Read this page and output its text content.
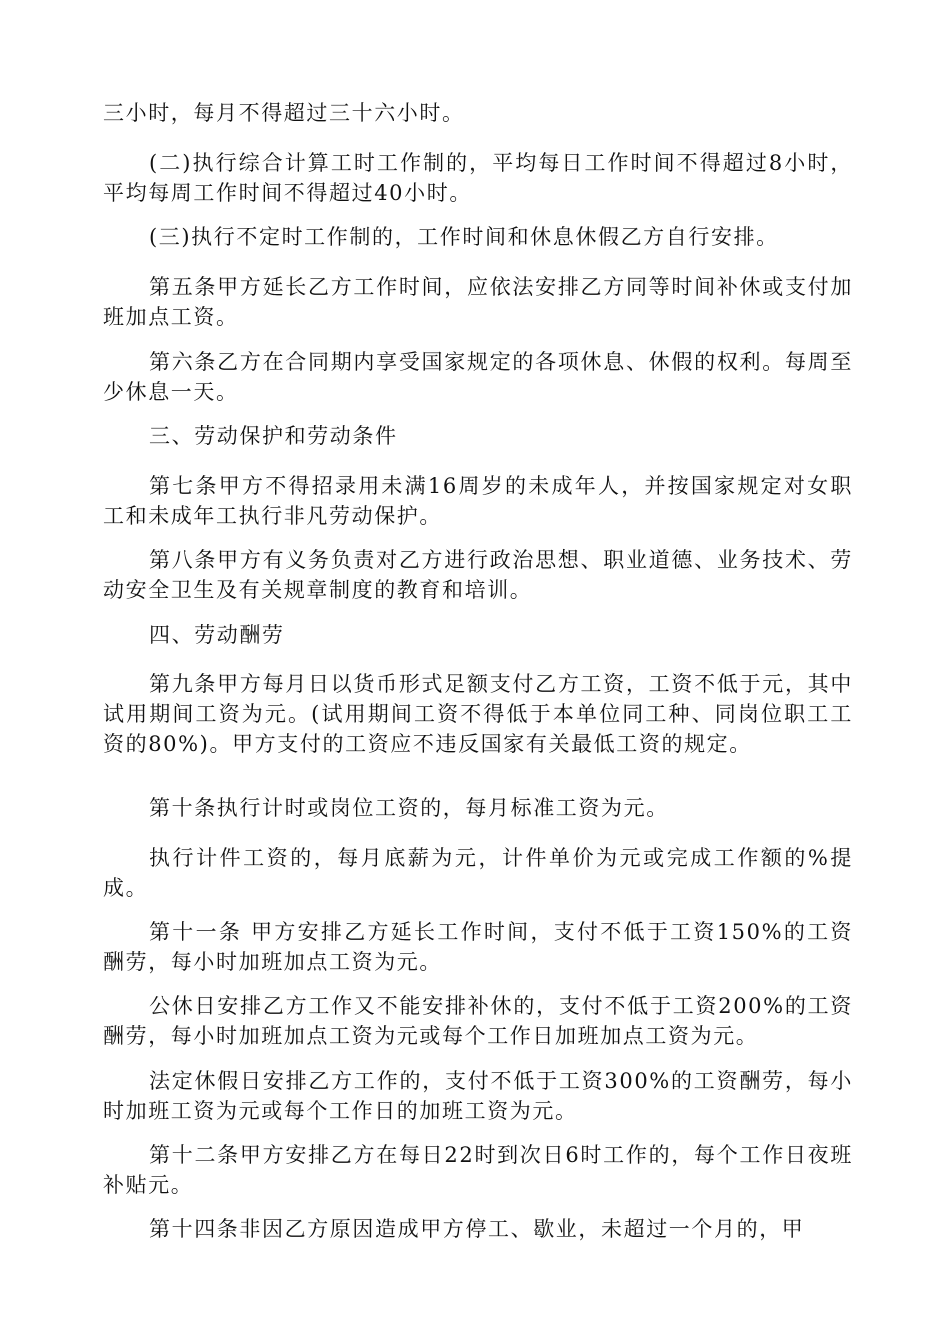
三小时，每月不得超过三十六小时。

(二)执行综合计算工时工作制的，平均每日工作时间不得超过8小时，平均每周工作时间不得超过40小时。

(三)执行不定时工作制的，工作时间和休息休假乙方自行安排。

第五条甲方延长乙方工作时间，应依法安排乙方同等时间补休或支付加班加点工资。

第六条乙方在合同期内享受国家规定的各项休息、休假的权利。每周至少休息一天。

三、劳动保护和劳动条件

第七条甲方不得招录用未满16周岁的未成年人，并按国家规定对女职工和未成年工执行非凡劳动保护。

第八条甲方有义务负责对乙方进行政治思想、职业道德、业务技术、劳动安全卫生及有关规章制度的教育和培训。

四、劳动酬劳

第九条甲方每月日以货币形式足额支付乙方工资，工资不低于元，其中试用期间工资为元。(试用期间工资不得低于本单位同工种、同岗位职工工资的80%)。甲方支付的工资应不违反国家有关最低工资的规定。

第十条执行计时或岗位工资的，每月标准工资为元。

执行计件工资的，每月底薪为元，计件单价为元或完成工作额的%提成。

第十一条 甲方安排乙方延长工作时间，支付不低于工资150%的工资酬劳，每小时加班加点工资为元。

公休日安排乙方工作又不能安排补休的，支付不低于工资200%的工资酬劳，每小时加班加点工资为元或每个工作日加班加点工资为元。

法定休假日安排乙方工作的，支付不低于工资300%的工资酬劳，每小时加班工资为元或每个工作日的加班工资为元。

第十二条甲方安排乙方在每日22时到次日6时工作的，每个工作日夜班补贴元。

第十四条非因乙方原因造成甲方停工、歇业，未超过一个月的，甲
